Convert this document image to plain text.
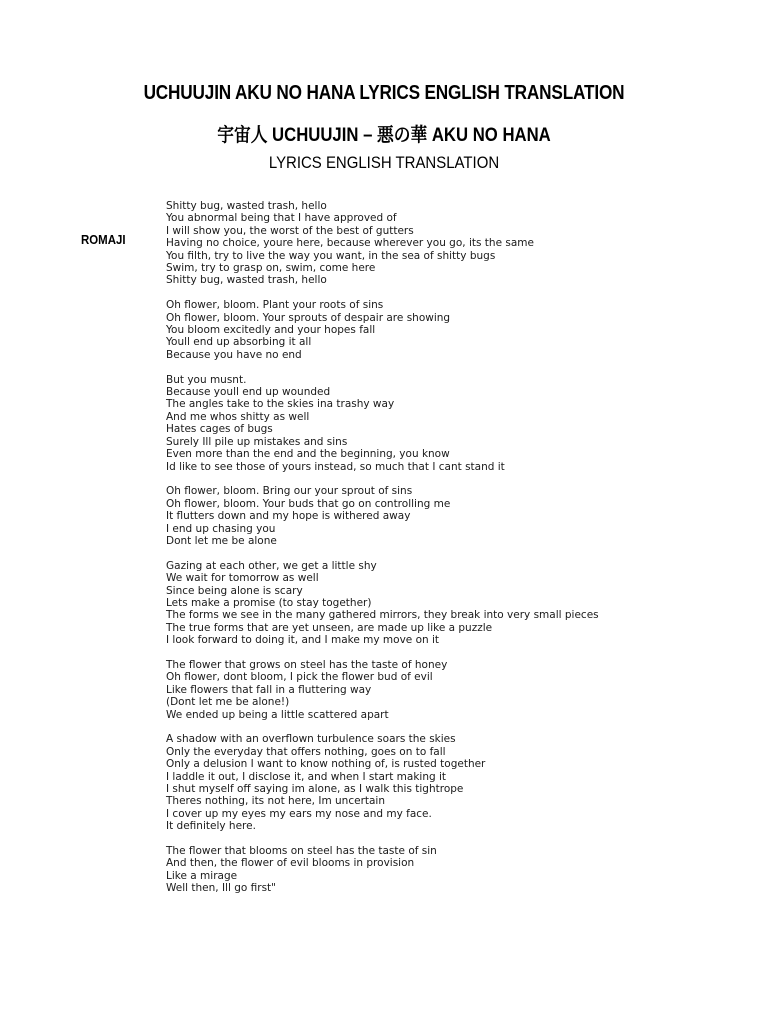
UCHUUJIN AKU NO HANA LYRICS ENGLISH TRANSLATION
宇宙人 UCHUUJIN – 悪の華 AKU NO HANA
LYRICS ENGLISH TRANSLATION
ROMAJI
Shitty bug, wasted trash, hello
You abnormal being that I have approved of
I will show you, the worst of the best of gutters
Having no choice, youre here, because wherever you go, its the same
You filth, try to live the way you want, in the sea of shitty bugs
Swim, try to grasp on, swim, come here
Shitty bug, wasted trash, hello
Oh flower, bloom. Plant your roots of sins
Oh flower, bloom. Your sprouts of despair are showing
You bloom excitedly and your hopes fall
Youll end up absorbing it all
Because you have no end
But you musnt.
Because youll end up wounded
The angles take to the skies ina trashy way
And me whos shitty as well
Hates cages of bugs
Surely Ill pile up mistakes and sins
Even more than the end and the beginning, you know
Id like to see those of yours instead, so much that I cant stand it
Oh flower, bloom. Bring our your sprout of sins
Oh flower, bloom. Your buds that go on controlling me
It flutters down and my hope is withered away
I end up chasing you
Dont let me be alone
Gazing at each other, we get a little shy
We wait for tomorrow as well
Since being alone is scary
Lets make a promise (to stay together)
The forms we see in the many gathered mirrors, they break into very small pieces
The true forms that are yet unseen, are made up like a puzzle
I look forward to doing it, and I make my move on it
The flower that grows on steel has the taste of honey
Oh flower, dont bloom, I pick the flower bud of evil
Like flowers that fall in a fluttering way
(Dont let me be alone!)
We ended up being a little scattered apart
A shadow with an overflown turbulence soars the skies
Only the everyday that offers nothing, goes on to fall
Only a delusion I want to know nothing of, is rusted together
I laddle it out, I disclose it, and when I start making it
I shut myself off saying im alone, as I walk this tightrope
Theres nothing, its not here, Im uncertain
I cover up my eyes my ears my nose and my face.
It definitely here.
The flower that blooms on steel has the taste of sin
And then, the flower of evil blooms in provision
Like a mirage
Well then, Ill go first"
